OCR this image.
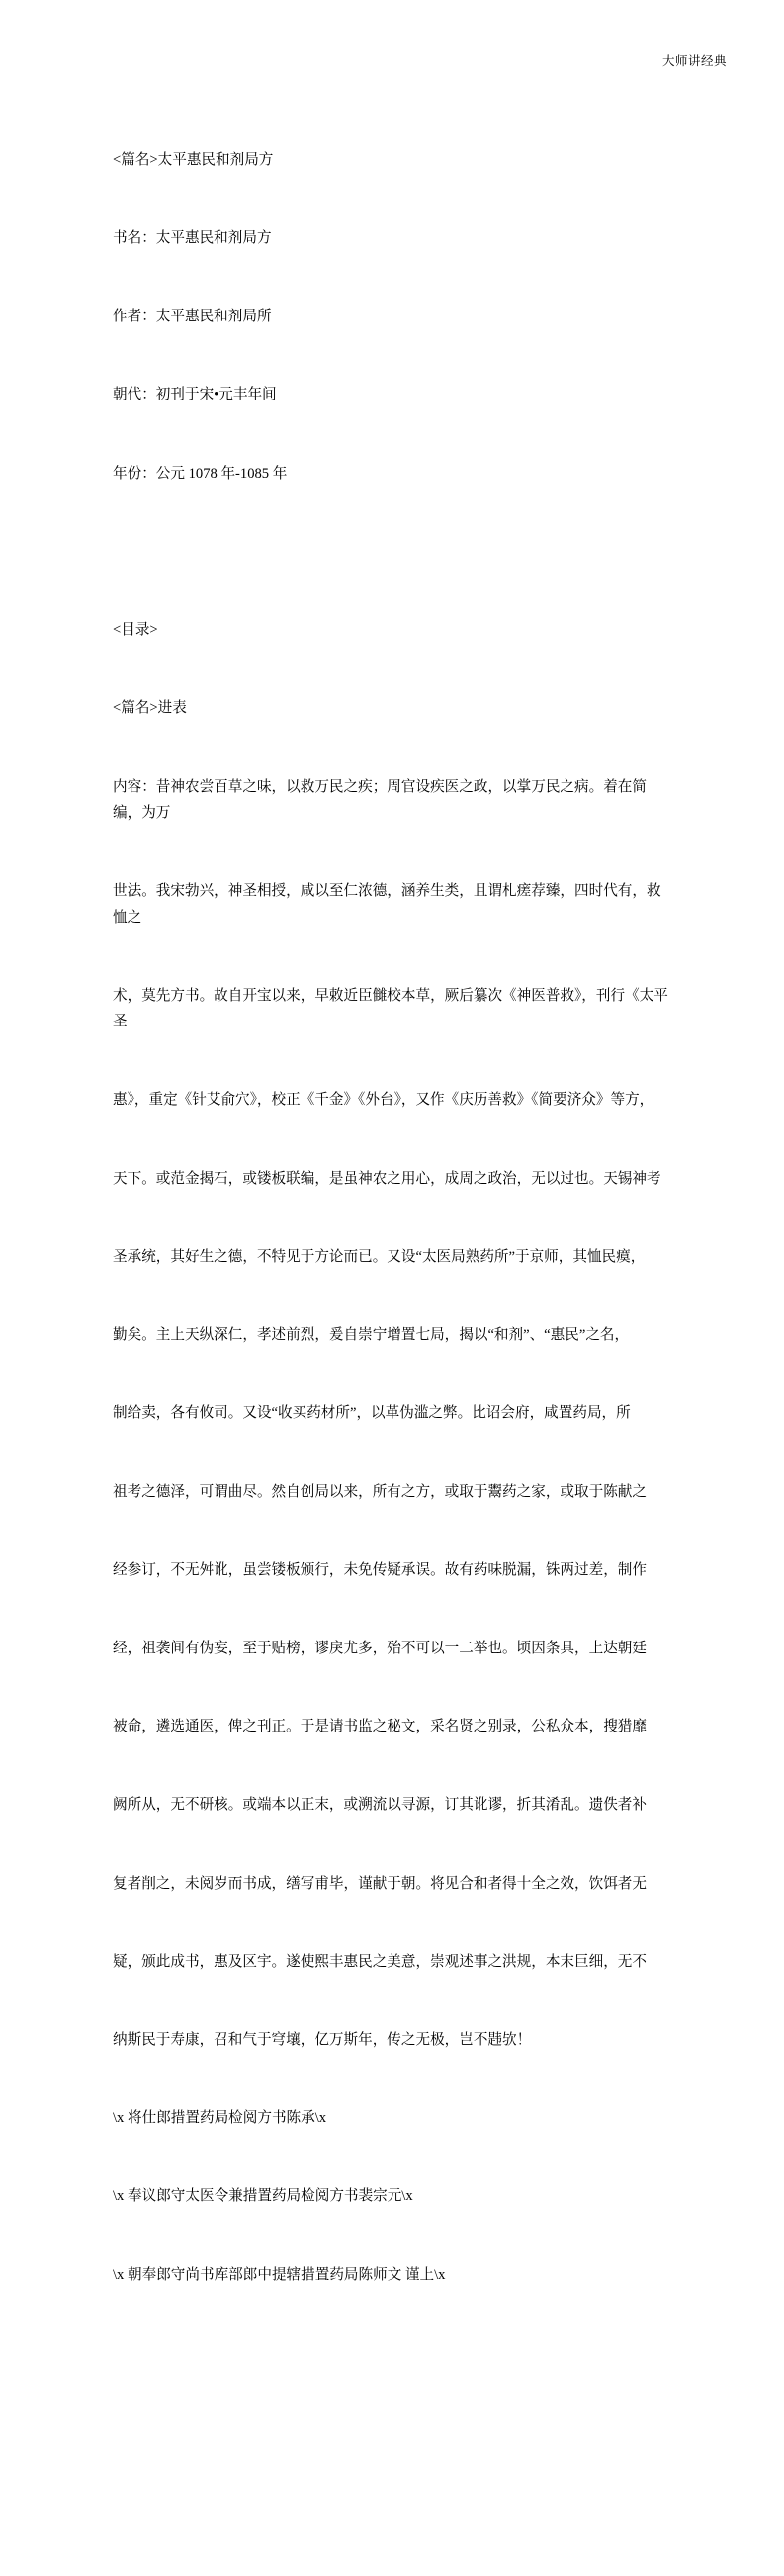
大师讲经典

<篇名>太平惠民和剂局方

书名：太平惠民和剂局方

作者：太平惠民和剂局所

朝代：初刊于宋•元丰年间

年份：公元 1078 年-1085 年

<目录>

<篇名>进表

内容：昔神农尝百草之味，以救万民之疾；周官设疾医之政，以掌万民之病。着在简编，为万

世法。我宋勃兴，神圣相授，咸以至仁浓德，涵养生类，且谓札瘥荐臻，四时代有，救恤之

术，莫先方书。故自开宝以来，早敕近臣雠校本草，厥后纂次《神医普救》，刊行《太平圣

惠》，重定《针艾俞穴》，校正《千金》《外台》，又作《庆历善救》《简要济众》等方，

天下。或范金揭石，或镂板联编，是虽神农之用心，成周之政治，无以过也。天锡神考

圣承统，其好生之德，不特见于方论而已。又设“太医局熟药所”于京师，其恤民瘼，

勤矣。主上天纵深仁，孝述前烈，爰自崇宁增置七局，揭以“和剂”、“惠民”之名，

制给卖，各有攸司。又设“收买药材所”，以革伪滥之弊。比诏会府，咸置药局，所

祖考之德泽，可谓曲尽。然自创局以来，所有之方，或取于鬻药之家，或取于陈献之

经参订，不无舛讹，虽尝镂板颁行，未免传疑承误。故有药味脱漏，铢两过差，制作

经，祖袭间有伪妄，至于贴榜，谬戾尤多，殆不可以一二举也。顷因条具，上达朝廷

被命，遴选通医，俾之刊正。于是请书监之秘文，采名贤之别录，公私众本，搜猎靡

阙所从，无不研核。或端本以正末，或溯流以寻源，订其讹谬，折其淆乱。遗佚者补

复者削之，未阅岁而书成，缮写甫毕，谨献于朝。将见合和者得十全之效，饮饵者无

疑，颁此成书，惠及区宇。遂使熙丰惠民之美意，崇观述事之洪规，本末巨细，无不

纳斯民于寿康，召和气于穹壤，亿万斯年，传之无极，岂不韪欤！

\x 将仕郎措置药局检阅方书陈承\x

\x 奉议郎守太医令兼措置药局检阅方书裴宗元\x

\x 朝奉郎守尚书库部郎中提辖措置药局陈师文 谨上\x
